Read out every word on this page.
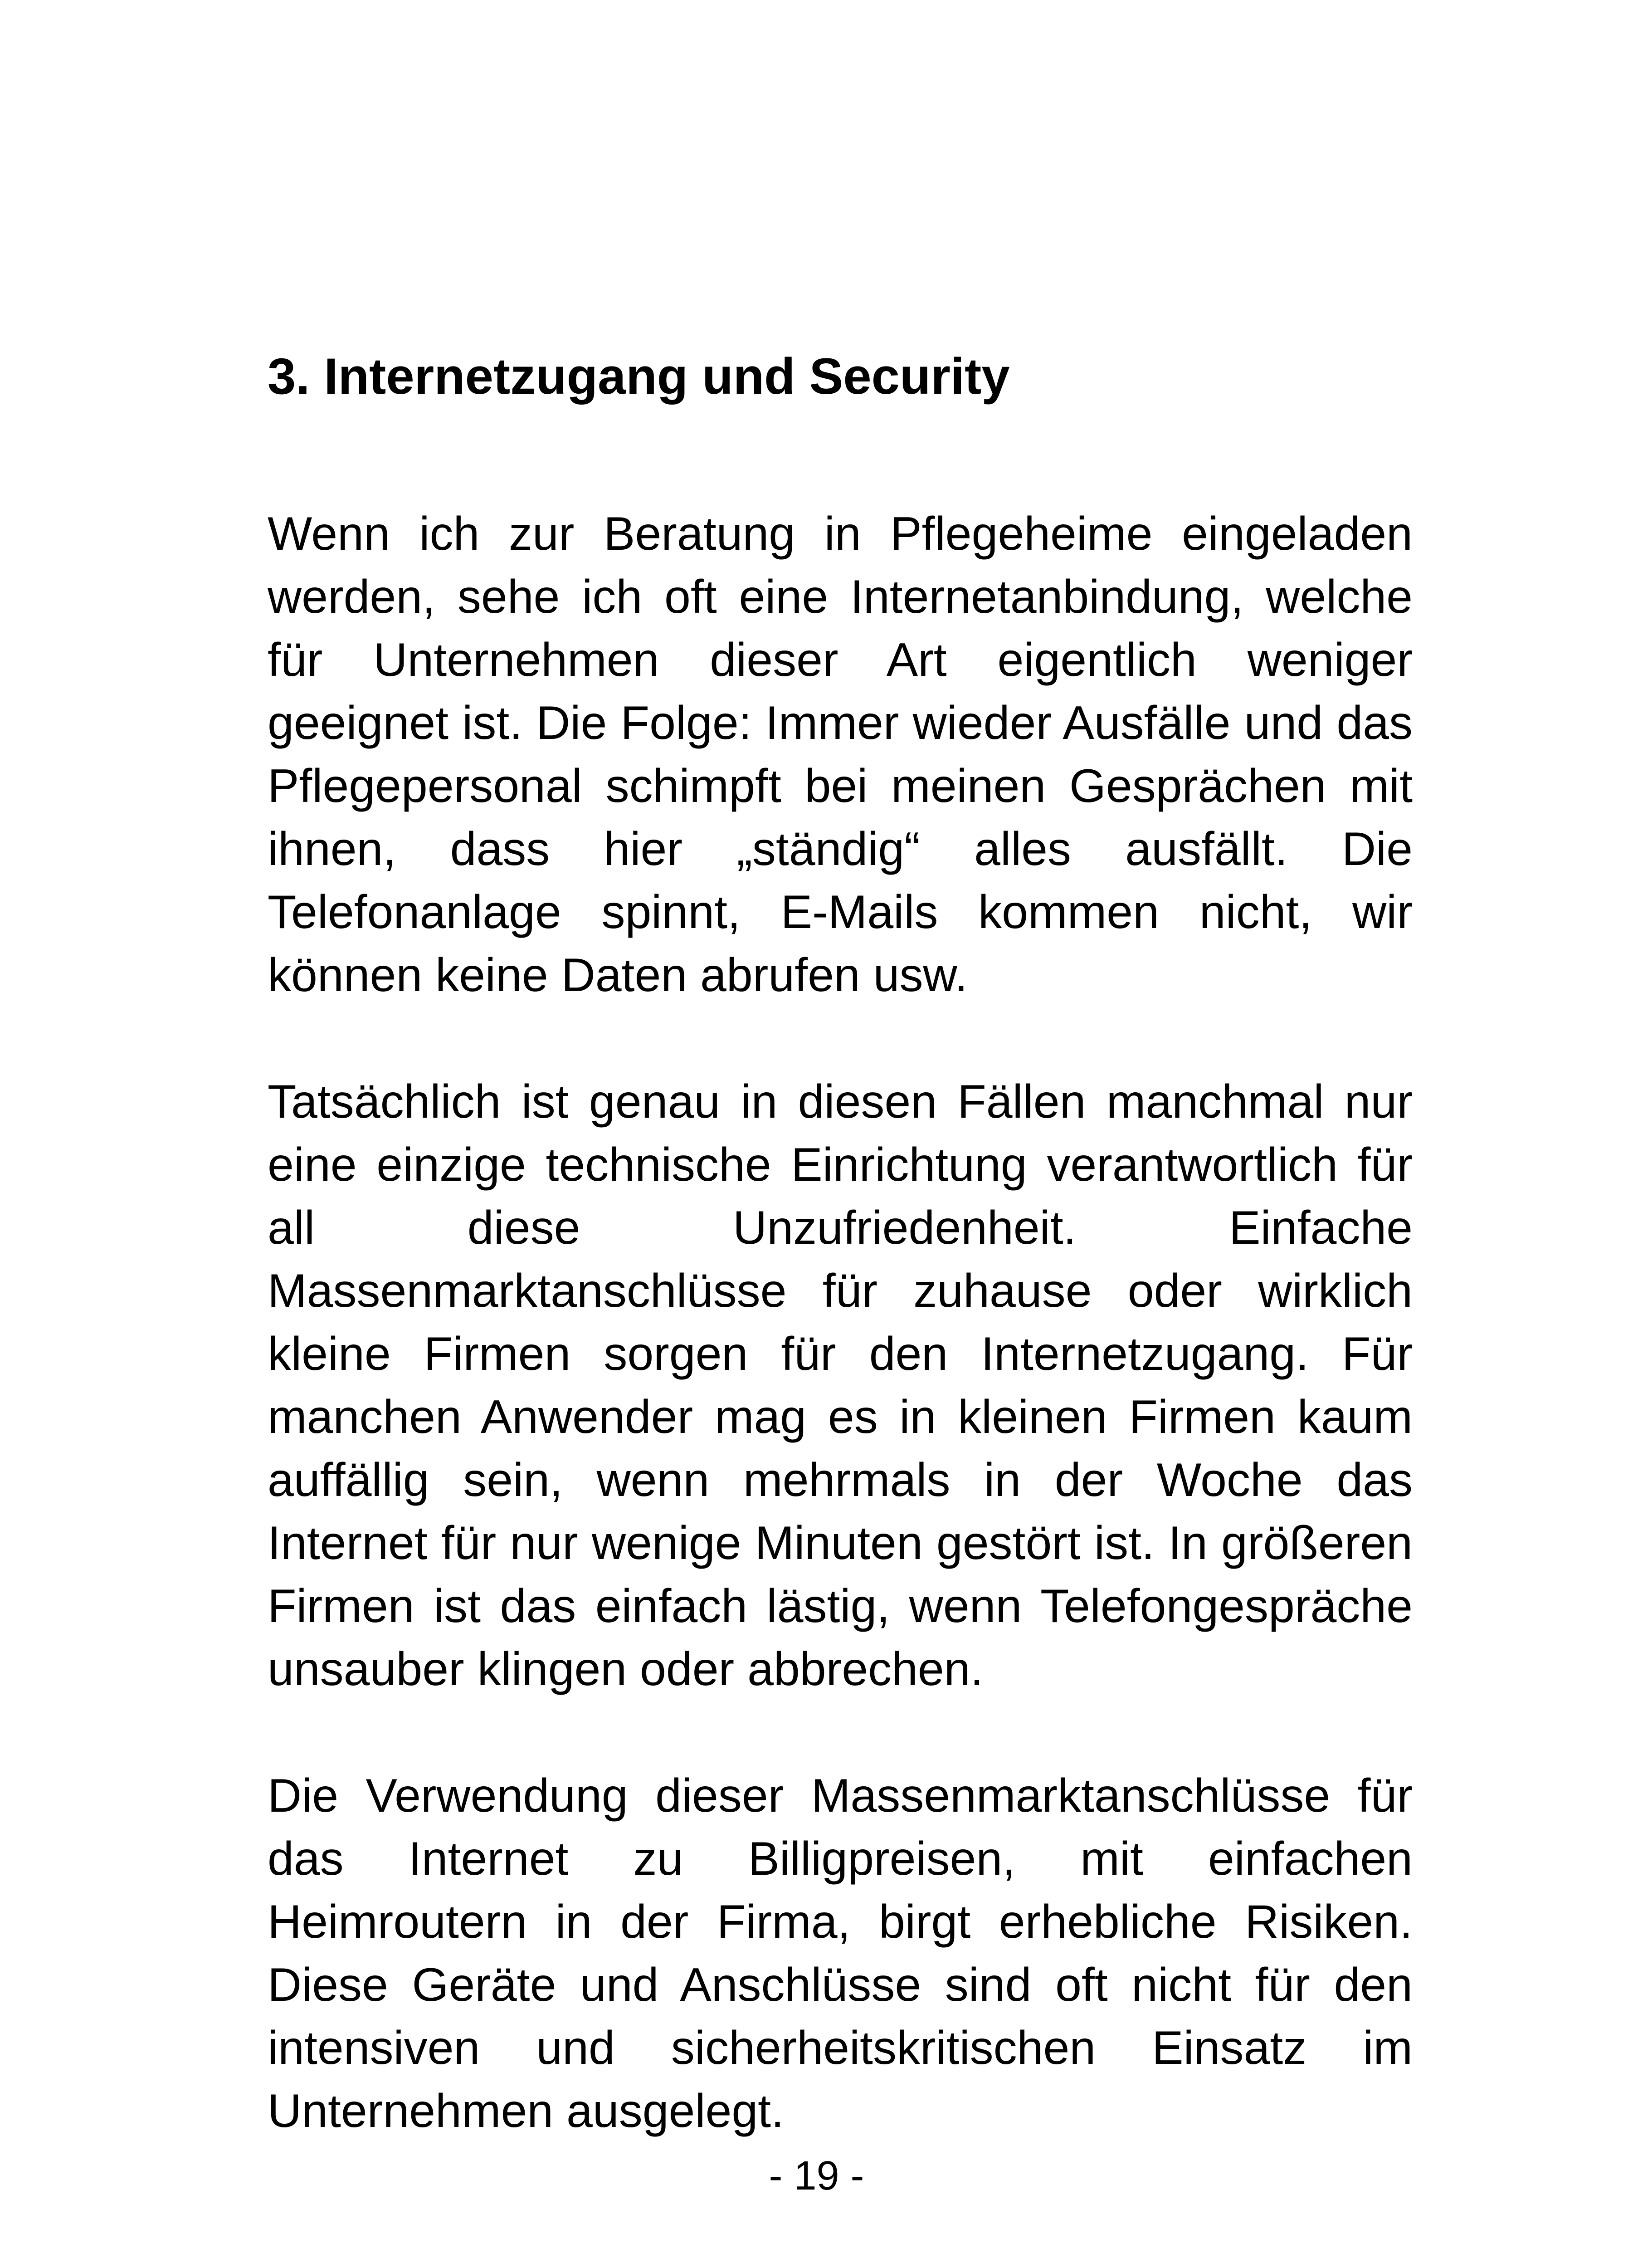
3. Internetzugang und Security

Wenn ich zur Beratung in Pflegeheime eingeladen werden, sehe ich oft eine Internetanbindung, welche für Unternehmen dieser Art eigentlich weniger geeignet ist. Die Folge: Immer wieder Ausfälle und das Pflegepersonal schimpft bei meinen Gesprächen mit ihnen, dass hier „ständig“ alles ausfällt. Die Telefonanlage spinnt, E-Mails kommen nicht, wir können keine Daten abrufen usw.

Tatsächlich ist genau in diesen Fällen manchmal nur eine einzige technische Einrichtung verantwortlich für all diese Unzufriedenheit. Einfache Massenmarktanschlüsse für zuhause oder wirklich kleine Firmen sorgen für den Internetzugang. Für manchen Anwender mag es in kleinen Firmen kaum auffällig sein, wenn mehrmals in der Woche das Internet für nur wenige Minuten gestört ist. In größeren Firmen ist das einfach lästig, wenn Telefongespräche unsauber klingen oder abbrechen.

Die Verwendung dieser Massenmarktanschlüsse für das Internet zu Billigpreisen, mit einfachen Heimroutern in der Firma, birgt erhebliche Risiken. Diese Geräte und Anschlüsse sind oft nicht für den intensiven und sicherheitskritischen Einsatz im Unternehmen ausgelegt.

- 19 -
